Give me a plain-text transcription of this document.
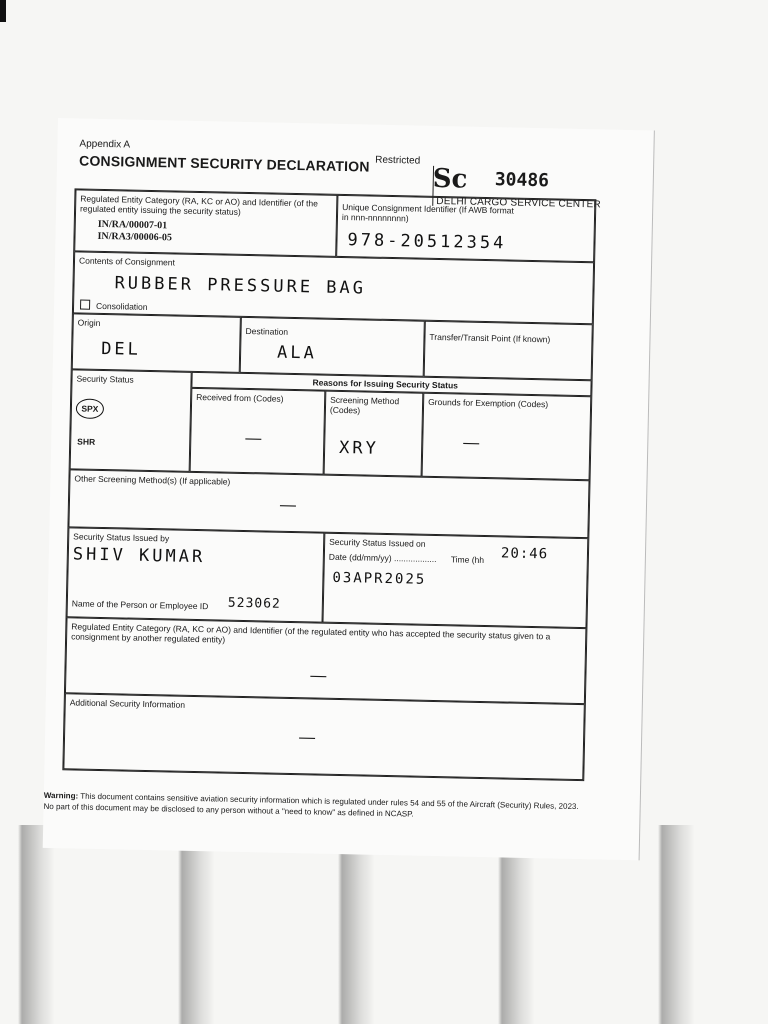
Appendix A
CONSIGNMENT SECURITY DECLARATION Restricted
Sc 30486
DELHI CARGO SERVICE CENTER
Regulated Entity Category (RA, KC or AO) and Identifier (of the regulated entity issuing the security status)
IN/RA/00007-01
IN/RA3/00006-05
Unique Consignment Identifier (If AWB format in nnn-nnnnnnnn)
978-20512354
Contents of Consignment
RUBBER PRESSURE BAG
Consolidation
Origin
DEL
Destination
ALA
Transfer/Transit Point (If known)
Security Status
SPX
SHR
Reasons for Issuing Security Status
Received from (Codes)
—
Screening Method (Codes)
XRY
Grounds for Exemption (Codes)
—
Other Screening Method(s) (If applicable)
—
Security Status Issued by
SHIV KUMAR
Name of the Person or Employee ID 523062
Security Status Issued on
Date (dd/mm/yy) .................. Time (hh 20:46
03APR2025
Regulated Entity Category (RA, KC or AO) and Identifier (of the regulated entity who has accepted the security status given to a consignment by another regulated entity)
—
Additional Security Information
—
Warning: This document contains sensitive aviation security information which is regulated under rules 54 and 55 of the Aircraft (Security) Rules, 2023. No part of this document may be disclosed to any person without a "need to know" as defined in NCASP.
